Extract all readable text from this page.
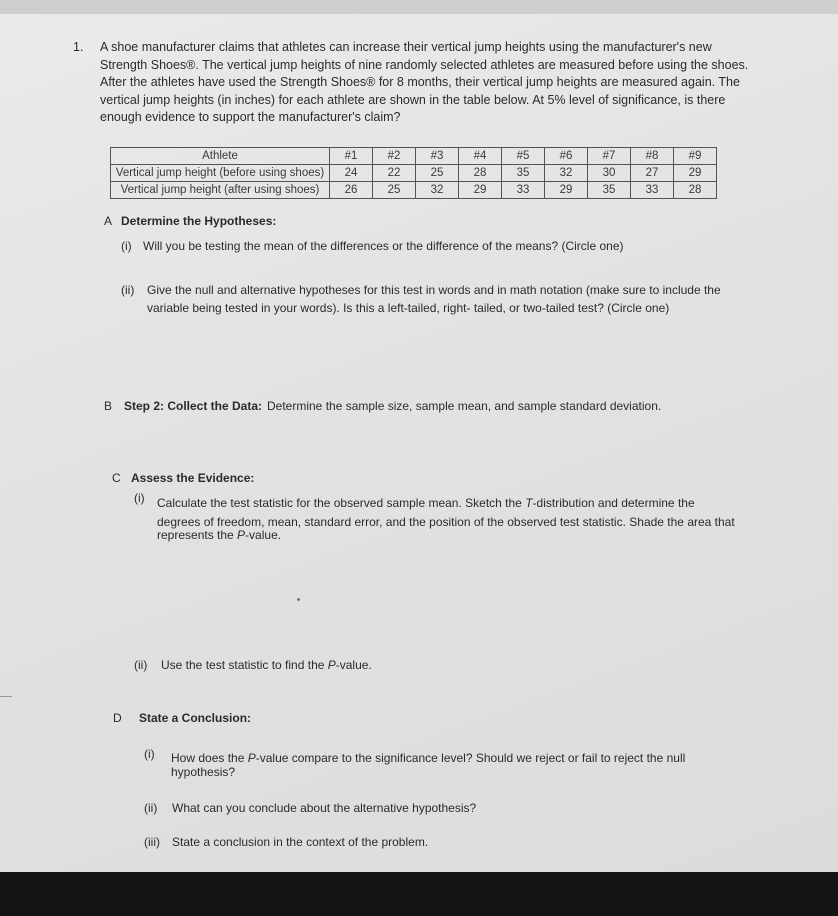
1. A shoe manufacturer claims that athletes can increase their vertical jump heights using the manufacturer's new
Strength Shoes®. The vertical jump heights of nine randomly selected athletes are measured before using the shoes.
After the athletes have used the Strength Shoes® for 8 months, their vertical jump heights are measured again. The
vertical jump heights (in inches) for each athlete are shown in the table below. At 5% level of significance, is there
enough evidence to support the manufacturer's claim?
Athlete	#1	#2	#3	#4	#5	#6	#7	#8	#9
Vertical jump height (before using shoes)	24	22	25	28	35	32	30	27	29
Vertical jump height (after using shoes)	26	25	32	29	33	29	35	33	28
A Determine the Hypotheses:
(i) Will you be testing the mean of the differences or the difference of the means? (Circle one)
(ii) Give the null and alternative hypotheses for this test in words and in math notation (make sure to include the
variable being tested in your words). Is this a left-tailed, right- tailed, or two-tailed test? (Circle one)
B Step 2: Collect the Data: Determine the sample size, sample mean, and sample standard deviation.
C Assess the Evidence:
(i) Calculate the test statistic for the observed sample mean. Sketch the T-distribution and determine the
degrees of freedom, mean, standard error, and the position of the observed test statistic. Shade the area that
represents the P-value.
(ii) Use the test statistic to find the P-value.
D State a Conclusion:
(i) How does the P-value compare to the significance level? Should we reject or fail to reject the null
hypothesis?
(ii) What can you conclude about the alternative hypothesis?
(iii) State a conclusion in the context of the problem.
